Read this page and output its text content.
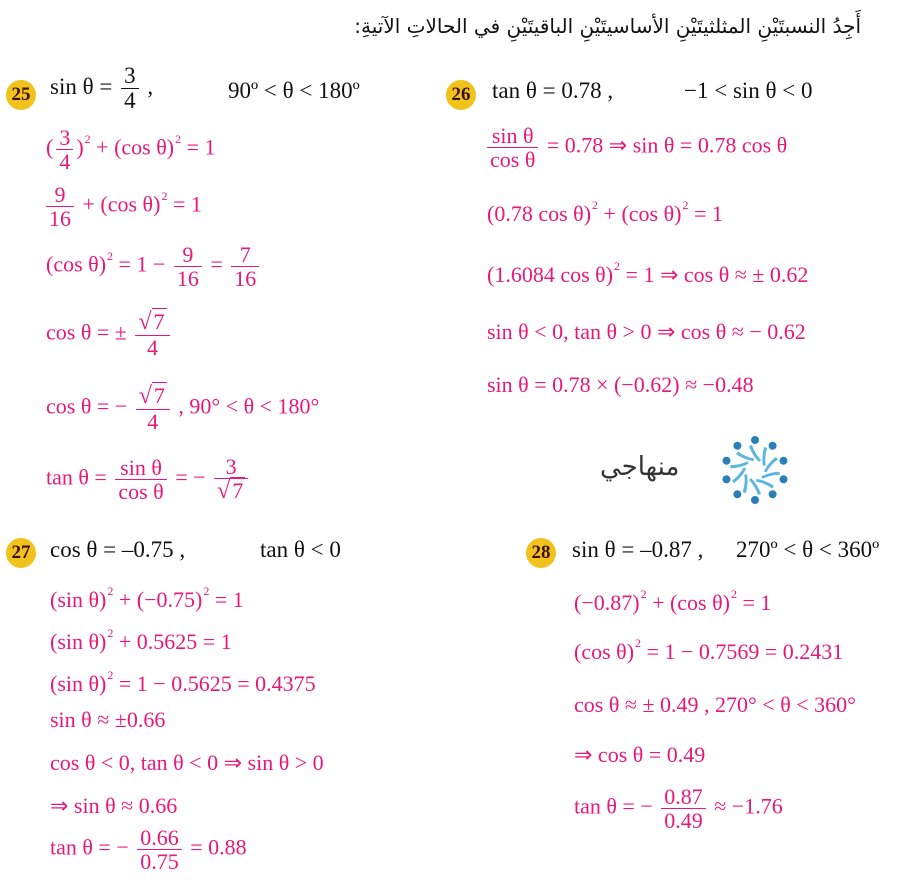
أَجِدُ النسبتَيْنِ المثلثيتَيْنِ الأساسيتَيْنِ الباقيتَيْنِ في الحالاتِ الآتيةِ:
25 $\sin \theta = \frac{3}{4}$ ,	90º < θ < 180º
( $\frac{3}{4} )^2 + (\cos$ θ)$^2$ = 1
$\frac{9}{16} + (\cos$ θ)$^2$ = 1
(cos $\theta)^2 = 1 - \frac{9}{16} = \frac{7}{16}$
cos θ = ± $\frac{√7}{4}$
cos θ = − $\frac{√7}{4}$ , 90° < θ < 180°
$\tan \theta = \frac{\text{sin θ}}{\text{cos θ}}$ = − $\frac{3}{√7}$
26 tan θ = 0.78 ,	−1 < sin θ < 0
$\frac{\text{sin θ}}{\text{cos θ}} = 0.78$ ⇒ sin θ = 0.78 cos θ
(0.78 cos θ)$^2$ + (cos θ)$^2$ = 1
(1.6084 cos θ)$^2$ = 1 ⇒ cos θ ≈ ± 0.62
sin θ < 0, tan θ > 0 ⇒ cos θ ≈ − 0.62
sin θ = 0.78 × (−0.62) ≈ −0.48
منهاجي
27 cos θ = –0.75 ,	tan θ < 0
(sin $\theta)^2 + (-0.75)^2 = 1$
(sin θ)$^2$ + 0.5625 = 1
(sin θ)$^2$ = 1 − 0.5625 = 0.4375
sin θ ≈ ±0.66
cos θ < 0, tan θ < 0 ⇒ sin θ > 0
⇒ sin θ ≈ 0.66
tan θ = − $\frac{0.66}{0.75} = 0.88$
28 sin θ = –0.87 , 270º < θ < 360º
$(-0.87)^2 + (\cos$ θ)$^2$ = 1
(cos θ)$^2$ = 1 − 0.7569 = 0.2431
cos θ ≈ ± 0.49 , 270° < θ < 360°
⇒ cos θ = 0.49
tan θ = − $\frac{0.87}{0.49} \approx -1.76$
